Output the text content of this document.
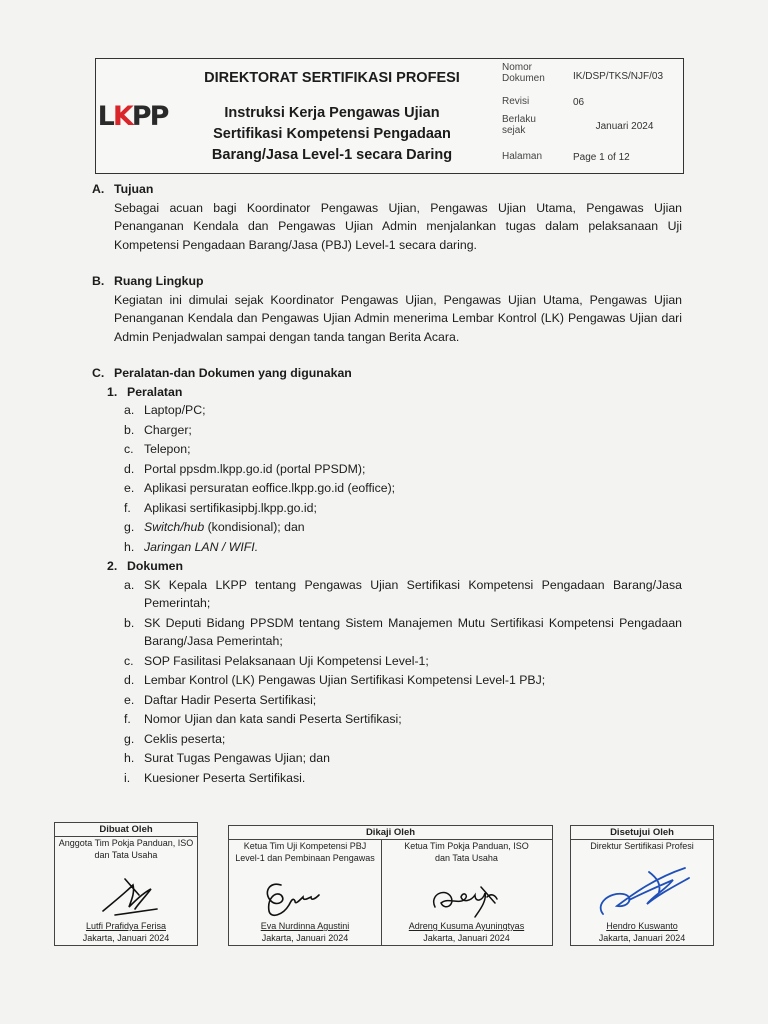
LKPP
DIREKTORAT SERTIFIKASI PROFESI
Instruksi Kerja Pengawas Ujian
Sertifikasi Kompetensi Pengadaan
Barang/Jasa Level-1 secara Daring
Nomor
Dokumen	IK/DSP/TKS/NJF/03
Revisi	06
Berlaku
sejak	Januari 2024
Halaman	Page 1 of 12
A. Tujuan

Sebagai acuan bagi Koordinator Pengawas Ujian, Pengawas Ujian Utama, Pengawas Ujian Penanganan Kendala dan Pengawas Ujian Admin menjalankan tugas dalam pelaksanaan Uji Kompetensi Pengadaan Barang/Jasa (PBJ) Level-1 secara daring.

B. Ruang Lingkup

Kegiatan ini dimulai sejak Koordinator Pengawas Ujian, Pengawas Ujian Utama, Pengawas Ujian Penanganan Kendala dan Pengawas Ujian Admin menerima Lembar Kontrol (LK) Pengawas Ujian dari Admin Penjadwalan sampai dengan tanda tangan Berita Acara.

C. Peralatan-dan Dokumen yang digunakan
1. Peralatan
a. Laptop/PC;
b. Charger;
c. Telepon;
d. Portal ppsdm.lkpp.go.id (portal PPSDM);
e. Aplikasi persuratan eoffice.lkpp.go.id (eoffice);
f.	Aplikasi sertifikasipbj.lkpp.go.id;
g. Switch/hub (kondisional); dan
h. Jaringan LAN / WIFI.
2. Dokumen
a. SK Kepala LKPP tentang Pengawas Ujian Sertifikasi Kompetensi Pengadaan Barang/Jasa Pemerintah;
b. SK Deputi Bidang PPSDM tentang Sistem Manajemen Mutu Sertifikasi Kompetensi Pengadaan Barang/Jasa Pemerintah;
c. SOP Fasilitasi Pelaksanaan Uji Kompetensi Level-1;
d. Lembar Kontrol (LK) Pengawas Ujian Sertifikasi Kompetensi Level-1 PBJ;
e. Daftar Hadir Peserta Sertifikasi;
f.	Nomor Ujian dan kata sandi Peserta Sertifikasi;
g. Ceklis peserta;
h. Surat Tugas Pengawas Ujian; dan
i.	Kuesioner Peserta Sertifikasi.
Dibuat Oleh
Anggota Tim Pokja Panduan, ISO dan Tata Usaha
Lutfi Prafidya Ferisa
Jakarta, Januari 2024
Dikaji Oleh
Ketua Tim Uji Kompetensi PBJ Level-1 dan Pembinaan Pengawas
Eva Nurdinna Agustini
Jakarta, Januari 2024
Ketua Tim Pokja Panduan, ISO dan Tata Usaha
Adreng Kusuma Ayuningtyas
Jakarta, Januari 2024
Disetujui Oleh
Direktur Sertifikasi Profesi
Hendro Kuswanto
Jakarta, Januari 2024
